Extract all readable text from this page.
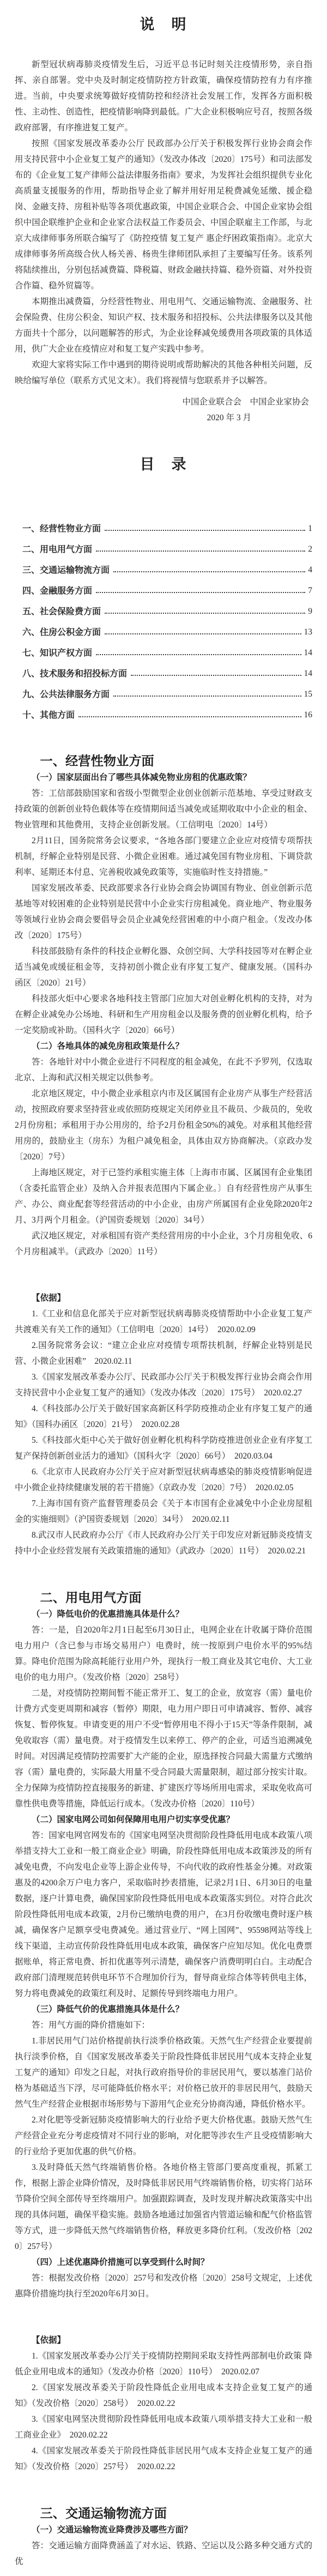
说　明

新型冠状病毒肺炎疫情发生后，习近平总书记时刻关注疫情形势，亲自指挥、亲自部署。党中央及时制定疫情防控方针政策，确保疫情防控有力有序推进。当前，中央要求统筹做好疫情防控和经济社会发展工作，发挥各方面积极性、主动性、创造性，把疫情影响降到最低。广大企业积极响应号召，按照各级政府部署，有序推进复工复产。

按照《国家发展改革委办公厅 民政部办公厅关于积极发挥行业协会商会作用支持民营中小企业复工复产的通知》（发改办体改〔2020〕175号）和司法部发布的《企业复工复产律师公益法律服务指南》要求，为发挥社会组织提供专业化高质量支援服务的作用，帮助指导企业了解并用好用足税费减免延缴、援企稳岗、金融支持、房租补贴等各项优惠政策，中国企业联合会、中国企业家协会组织中国企联维护企业和企业家合法权益工作委员会、中国企联雇主工作部，与北京大成律师事务所联合编写了《防控疫情 复工复产 惠企纾困政策指南》。北京大成律师事务所高级合伙人杨关善、杨贵生律师团队承担了主要编写任务。该系列将陆续推出，分别包括减费篇、降税篇、财政金融扶持篇、稳外资篇、对外投资合作篇、稳外贸篇等。

本期推出减费篇，分经营性物业、用电用气、交通运输物流、金融服务、社会保险费、住房公积金、知识产权、技术服务和招投标、公共法律服务以及其他方面共十个部分，以问题解答的形式，为企业诠释减免缓费用各项政策的具体适用，供广大企业在疫情应对和复工复产实践中参考。

欢迎大家将实际工作中遇到的期待说明或帮助解决的其他各种相关问题，反映给编写单位（联系方式见文末）。我们将视情与您联系并予以解答。

中国企业联合会　中国企业家协会
2020 年 3 月
目　录
一、经营性物业方面	1
二、用电用气方面	2
三、交通运输物流方面	4
四、金融服务方面	7
五、社会保险费方面	9
六、住房公积金方面	13
七、知识产权方面	14
八、技术服务和招投标方面	14
九、公共法律服务方面	15
十、其他方面	16
一、经营性物业方面

（一）国家层面出台了哪些具体减免物业房租的优惠政策？

答：工信部鼓励国家和省级小型微型企业创业创新示范基地、享受过财政支持政策的创新创业特色载体等在疫情期间适当减免或延期收取中小企业的租金、物业管理和其他费用，支持企业创新发展。（工信明电〔2020〕14号）

2月11日，国务院常务会议要求，“各地各部门要建立企业应对疫情专项帮扶机制，纾解企业特别是民营、小微企业困难。通过减免国有物业房租、下调贷款利率、延期还本付息、完善税收减免政策等，实施临时性支持措施。”

国家发展改革委、民政部要求各行业协会商会协调国有物业、创业创新示范基地等对较困难的企业特别是民营中小企业实行房租减免。商业地产、物业服务等领域行业协会商会要倡导会员企业减免经营困难的中小商户租金。（发改办体改〔2020〕175号）

科技部鼓励有条件的科技企业孵化器、众创空间、大学科技园等对在孵企业适当减免或缓征租金等，支持初创小微企业有序复工复产、健康发展。（国科办函区〔2020〕21号）

科技部火炬中心要求各地科技主管部门应加大对创业孵化机构的支持，对为在孵企业减免办公场地、科研和生产用房租金以及服务费的创业孵化机构，给予一定奖励或补助。（国科火字〔2020〕66号）

（二）各地具体的减免房租政策是什么？

答：各地针对中小微企业进行不同程度的租金减免，在此不予罗列，仅选取北京、上海和武汉相关规定以供参考。

北京地区规定，中小微企业承租京内市及区属国有企业房产从事生产经营活动，按照政府要求坚持营业或依照防疫规定关闭停业且不裁员、少裁员的，免收2月份房租；承租用于办公用房的，给予2月份租金50%的减免。对承租其他经营用房的，鼓励业主（房东）为租户减免租金，具体由双方协商解决。（京政办发〔2020〕7号）

上海地区规定，对于已签约承租实施主体〔上海市市属、区属国有企业集团（含委托监管企业）及纳入合并报表范围内下属企业。〕自有经营性房产从事生产、办公、商业配套等经营活动的中小企业，由房产所属国有企业免除2020年2月、3月两个月租金。（沪国资委规划〔2020〕34号）

武汉地区规定，对承租国有资产类经营用房的中小企业，3个月房租免收、6个月房租减半。（武政办〔2020〕11号）

【依据】

1.《工业和信息化部关于应对新型冠状病毒肺炎疫情帮助中小企业复工复产共渡难关有关工作的通知》（工信明电〔2020〕14号）　2020.02.09

2.国务院常务会议：“建立企业应对疫情专项帮扶机制，纾解企业特别是民营、小微企业困难”　2020.02.11

3.《国家发展改革委办公厅、民政部办公厅关于积极发挥行业协会商会作用 支持民营中小企业复工复产的通知》（发改办体改〔2020〕175号）　2020.02.27

4.《科技部办公厅关于做好国家高新区科学防疫推动企业有序复工复产的通知》（国科办函区〔2020〕21号）　2020.02.28

5.《科技部火炬中心关于做好创业孵化机构科学防疫推进创业企业有序复工复产保持创新创业活力的通知》（国科火字〔2020〕66号）　2020.03.04

6.《北京市人民政府办公厅关于应对新型冠状病毒感染的肺炎疫情影响促进中小微企业持续健康发展的若干措施》（京政办发〔2020〕7号）　2020.02.05

7.上海市国有资产监督管理委员会《关于本市国有企业减免中小企业房屋租金的实施细则》（沪国资委规划〔2020〕34号）　2020.02.11

8.武汉市人民政府办公厅《市人民政府办公厅关于印发应对新冠肺炎疫情支持中小企业经营发展有关政策措施的通知》（武政办〔2020〕11号）　2020.02.21

二、用电用气方面

（一）降低电价的优惠措施具体是什么？

答：一是，自2020年2月1日起至6月30日止，电网企业在计收属于降价范围电力用户（含已参与市场交易用户）电费时，统一按原到户电价水平的95%结算。降电价范围为除高耗能行业用户外，现执行一般工商业及其它电价、大工业电价的电力用户。（发改价格〔2020〕258号）

二是，对疫情防控期间暂不能正常开工、复工的企业，放宽容（需）量电价计费方式变更周期和减容（暂停）期限，电力用户即日可申请减容、暂停、减容恢复、暂停恢复。申请变更的用户不受“暂停用电不得小于15天”等条件限制，减免收取容（需）量电费。对于疫情发生以来停工、停产的企业，可适当追溯减免时间。对因满足疫情防控需要扩大产能的企业，原选择按合同最大需量方式缴纳容（需）量电费的，实际最大用量不受合同最大需量限制，超过部分按实计取。全力保障为疫情防控直接服务的新建、扩建医疗等场所用电需求，采取免收高可靠性供电费等措施，降低运行成本。（发改办价格〔2020〕110号）

（二）国家电网公司如何保障用电用户切实享受优惠？

答：国家电网官网发布的《国家电网坚决贯彻阶段性降低用电成本政策八项举措支持大工业和一般工商业企业》明确，阶段性降低用电成本政策涉及的所有减免电费，不向发电企业等上游企业传导，不向代收的政府性基金分摊。对政策惠及的4200余万户电力客户，采取临时抄表措施，记录2月1日、6月30日的电量数据，逐户计算电费，确保国家阶段性降低用电成本政策落实到位。对符合此次阶段性降低用电成本政策，2月份已缴纳电费的用户，在3月份收缴电费时逐户核减，确保客户足额享受电费减免。通过营业厅、“网上国网”、95598网站等线上线下渠道，主动宣传阶段性降低用电成本政策，确保客户应知尽知。优化电费票据账单，将正常电费、折扣优惠等列示清楚，确保客户消费明明白白。主动配合政府部门清理规范转供电环节不合理加价行为，督导商业综合体等转供电主体，努力将电费减免的政策红利及时、足额传导到终端电力用户。

（三）降低气价的优惠措施具体是什么？

答：用气方面的降价措施如下：

1.非居民用气门站价格提前执行淡季价格政策。天然气生产经营企业要提前执行淡季价格，自《国家发展改革委关于阶段性降低非居民用气成本支持企业复工复产的通知》印发之日起，对执行政府指导价的非居民用气，要以基准门站价格为基础适当下浮，尽可能降低价格水平；对价格已放开的非居民用气，鼓励天然气生产经营企业根据市场形势与下游用气企业充分协商沟通，降低价格水平。

2.对化肥等受新冠肺炎疫情影响大的行业给予更大价格优惠。鼓励天然气生产经营企业充分考虑疫情对不同行业的影响，对化肥等涉农生产且受疫情影响大的行业给予更加优惠的供气价格。

3.及时降低天然气终端销售价格。各地价格主管部门要高度重视，抓紧工作，根据上游企业降价情况，及时降低非居民用气终端销售价格，切实将门站环节降价空间全部传导至终端用户。加强跟踪调查，及时发现并解决政策落实中出现的具体问题，确保平稳实施。鼓励各地通过加强省内管道运输和配气价格监管等方式，进一步降低天然气终端销售价格，释放更多降价红利。（发改价格〔2020〕257号）

（四）上述优惠降价措施可以享受到什么时间？

答：根据发改价格〔2020〕257号和发改价格〔2020〕258号文规定，上述优惠降价措施均执行至2020年6月30日。

【依据】

1.《国家发展改革委办公厅关于疫情防控期间采取支持性两部制电价政策 降低企业用电成本的通知》（发改办价格〔2020〕110号）　2020.02.07

2.《国家发展改革委关于阶段性降低企业用电成本支持企业复工复产的通知》（发改价格〔2020〕258号）　2020.02.22

3.《国家电网坚决贯彻阶段性降低用电成本政策八项举措支持大工业和一般工商业企业》　2020.02.22

4.《国家发展改革委关于阶段性降低非居民用气成本支持企业复工复产的通知》（发改价格〔2020〕257号）　2020.02.22

三、交通运输物流方面

（一）交通运输物流业降费涉及哪些方面？

答：交通运输方面降费涵盖了对水运、铁路、空运以及公路多种交通方式的优
